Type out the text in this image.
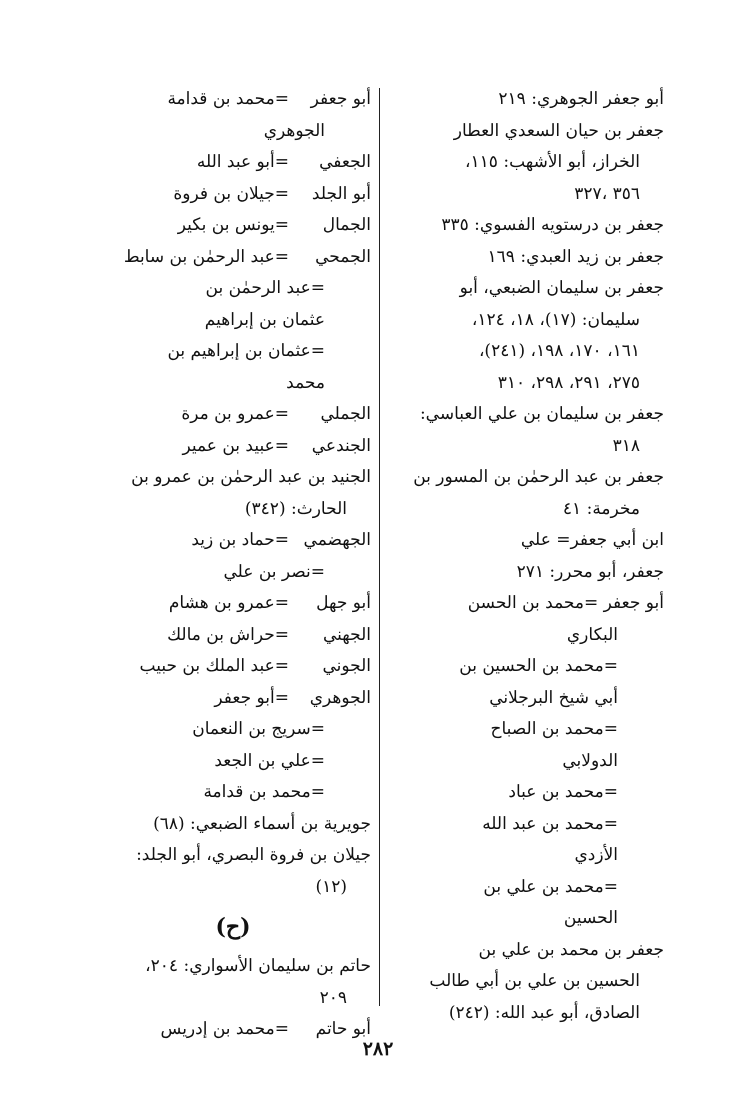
أبو جعفر الجوهري: ٢١٩
جعفر بن حيان السعدي العطار
الخراز، أبو الأشهب: ١١٥،
٣٥٦ ،٣٢٧
جعفر بن درستويه الفسوي: ٣٣٥
جعفر بن زيد العبدي: ١٦٩
جعفر بن سليمان الضبعي، أبو
سليمان: (١٧)، ١٨، ١٢٤،
١٦١، ١٧٠، ١٩٨، (٢٤١)،
٢٧٥، ٢٩١، ٢٩٨، ٣١٠
جعفر بن سليمان بن علي العباسي:
٣١٨
جعفر بن عبد الرحمٰن بن المسور بن
مخرمة: ٤١
ابن أبي جعفر= علي
جعفر، أبو محرر: ٢٧١
أبو جعفر =محمد بن الحسن
البكاري
=محمد بن الحسين بن
أبي شيخ البرجلاني
=محمد بن الصباح
الدولابي
=محمد بن عباد
=محمد بن عبد الله
الأزدي
=محمد بن علي بن
الحسين
جعفر بن محمد بن علي بن
الحسين بن علي بن أبي طالب
الصادق، أبو عبد الله: (٢٤٢)
أبو جعفر=محمد بن قدامة
الجوهري
الجعفي=أبو عبد الله
أبو الجلد=جيلان بن فروة
الجمال=يونس بن بكير
الجمحي=عبد الرحمٰن بن سابط
=عبد الرحمٰن بن
عثمان بن إبراهيم
=عثمان بن إبراهيم بن
محمد
الجملي=عمرو بن مرة
الجندعي=عبيد بن عمير
الجنيد بن عبد الرحمٰن بن عمرو بن
الحارث: (٣٤٢)
الجهضمي=حماد بن زيد
=نصر بن علي
أبو جهل=عمرو بن هشام
الجهني=حراش بن مالك
الجوني=عبد الملك بن حبيب
الجوهري=أبو جعفر
=سريج بن النعمان
=علي بن الجعد
=محمد بن قدامة
جويرية بن أسماء الضبعي: (٦٨)
جيلان بن فروة البصري، أبو الجلد:
(١٢)
(ح)
حاتم بن سليمان الأسواري: ٢٠٤،
٢٠٩
أبو حاتم=محمد بن إدريس
٢٨٢
